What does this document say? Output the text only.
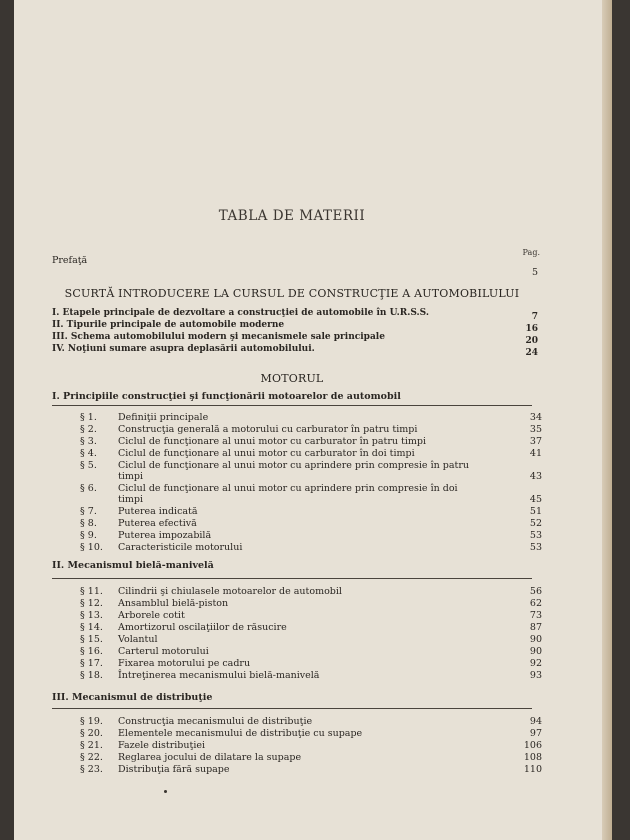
TABLA DE MATERII
Pag.
Prefaţă
5
SCURTĂ INTRODUCERE LA CURSUL DE CONSTRUCŢIE A AUTOMOBILULUI
I. Etapele principale de dezvoltare a construcţiei de automobile în U.R.S.S.	7
II. Tipurile principale de automobile moderne	16
III. Schema automobilului modern şi mecanismele sale principale	20
IV. Noţiuni sumare asupra deplasării automobilului.	24
MOTORUL
I. Principiile construcţiei şi funcţionării motoarelor de automobil
§ 1.	Definiţii principale	34
§ 2.	Construcţia generală a motorului cu carburator în patru timpi	35
§ 3.	Ciclul de funcţionare al unui motor cu carburator în patru timpi	37
§ 4.	Ciclul de funcţionare al unui motor cu carburator în doi timpi	41
§ 5.	Ciclul de funcţionare al unui motor cu aprindere prin compresie în patru
timpi	43
§ 6.	Ciclul de funcţionare al unui motor cu aprindere prin compresie în doi
timpi	45
§ 7.	Puterea indicată	51
§ 8.	Puterea efectivă	52
§ 9.	Puterea impozabilă	53
§ 10.	Caracteristicile motorului	53
II. Mecanismul bielă-manivelă
§ 11.	Cilindrii şi chiulasele motoarelor de automobil	56
§ 12.	Ansamblul bielă-piston	62
§ 13.	Arborele cotit	73
§ 14.	Amortizorul oscilaţiilor de răsucire	87
§ 15.	Volantul	90
§ 16.	Carterul motorului	90
§ 17.	Fixarea motorului pe cadru	92
§ 18.	Întreţinerea mecanismului bielă-manivelă	93
III. Mecanismul de distribuţie
§ 19.	Construcţia mecanismului de distribuţie	94
§ 20.	Elementele mecanismului de distribuţie cu supape	97
§ 21.	Fazele distribuţiei	106
§ 22.	Reglarea jocului de dilatare la supape	108
§ 23.	Distribuţia fără supape	110
